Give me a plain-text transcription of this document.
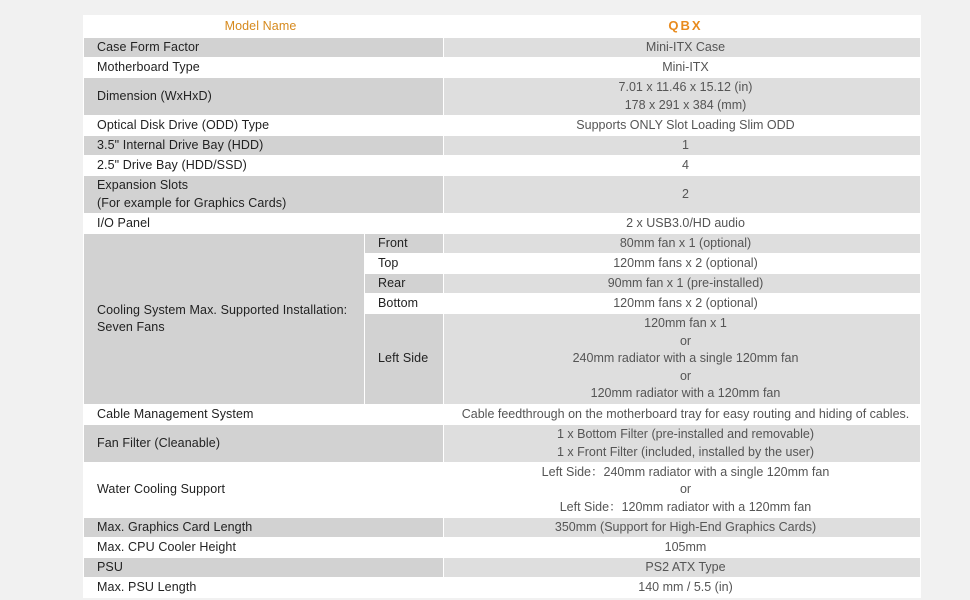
Model Name		QBX
Case Form Factor		Mini-ITX Case
Motherboard Type		Mini-ITX
Dimension (WxHxD)		7.01 x 11.46 x 15.12 (in)
178 x 291 x 384 (mm)

Optical Disk Drive (ODD) Type		Supports ONLY Slot Loading Slim ODD
3.5" Internal Drive Bay (HDD)		1
2.5" Drive Bay (HDD/SSD)		4

Expansion Slots
(For example for Graphics Cards)		2
I/O Panel		2 x USB3.0/HD audio

Cooling System Max. Supported Installation:
Seven Fans	Front	80mm fan x 1 (optional)
	Top	120mm fans x 2 (optional)
	Rear	90mm fan x 1 (pre-installed)
	Bottom	120mm fans x 2 (optional)
	Left Side	120mm fan x 1
or
240mm radiator with a single 120mm fan
or
120mm radiator with a 120mm fan

Cable Management System		Cable feedthrough on the motherboard tray for easy routing and hiding of cables.
Fan Filter (Cleanable)		1 x Bottom Filter (pre-installed and removable)
1 x Front Filter (included, installed by the user)

Water Cooling Support		Left Side：240mm radiator with a single 120mm fan
or
Left Side：120mm radiator with a 120mm fan

Max. Graphics Card Length		350mm (Support for High-End Graphics Cards)
Max. CPU Cooler Height		105mm
PSU		PS2 ATX Type
Max. PSU Length		140 mm / 5.5 (in)
